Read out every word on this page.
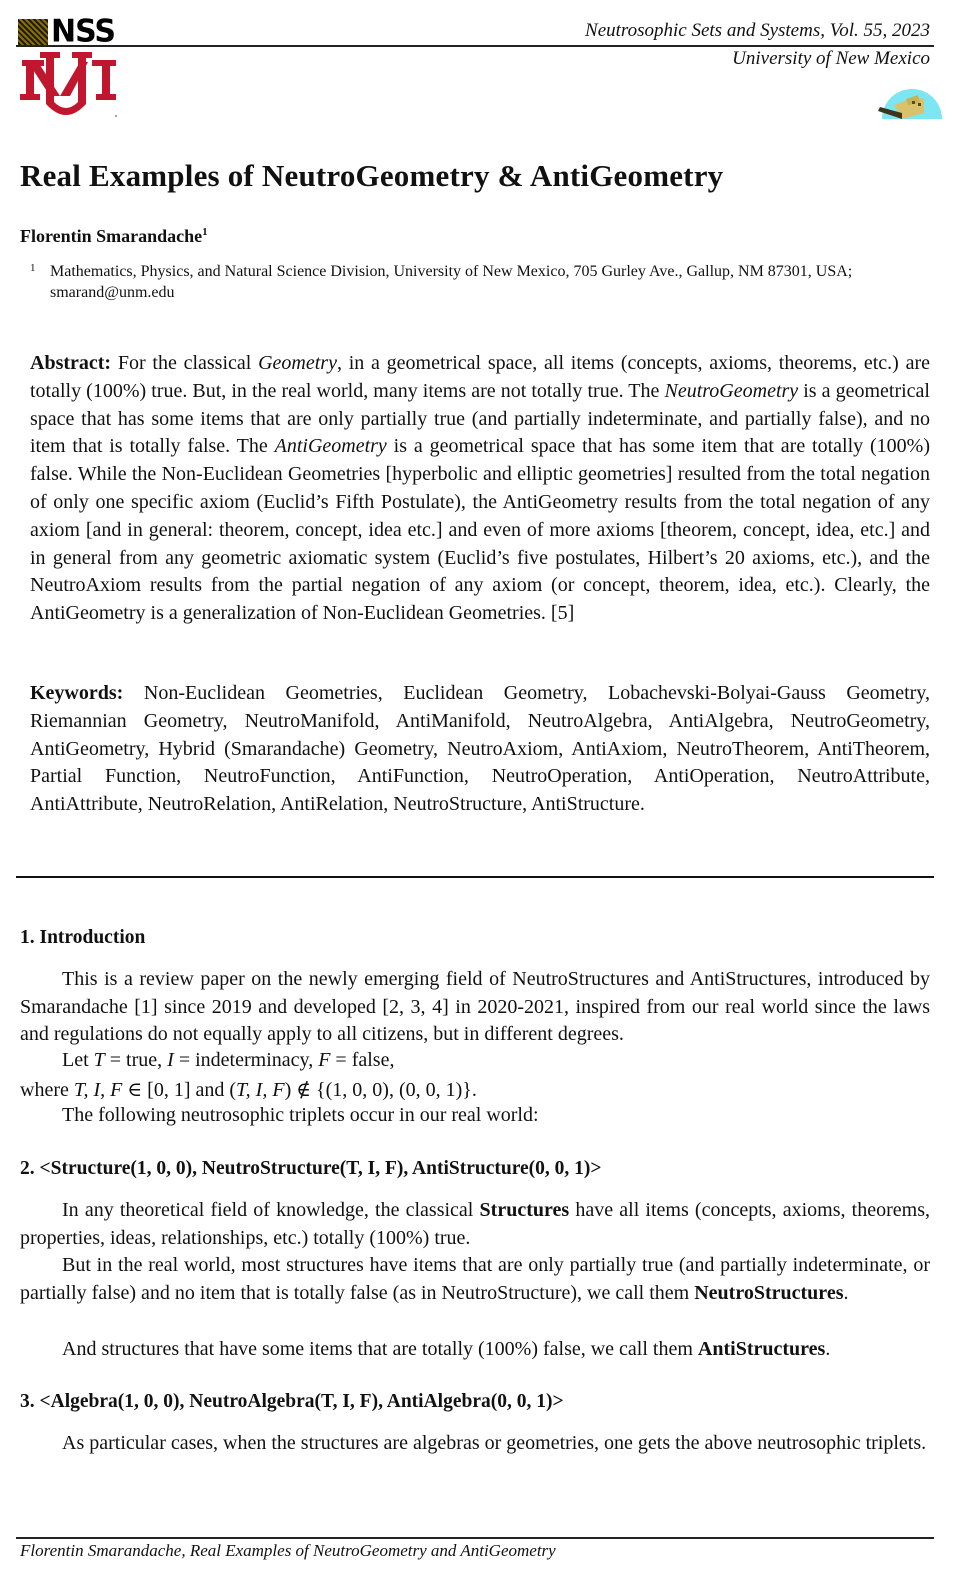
NSS	Neutrosophic Sets and Systems, Vol. 55, 2023
University of New Mexico
Real Examples of NeutroGeometry & AntiGeometry
Florentin Smarandache$^1$
1 Mathematics, Physics, and Natural Science Division, University of New Mexico, 705 Gurley Ave., Gallup, NM 87301, USA; smarand@unm.edu
Abstract: For the classical Geometry, in a geometrical space, all items (concepts, axioms, theorems, etc.) are totally (100%) true. But, in the real world, many items are not totally true. The NeutroGeometry is a geometrical space that has some items that are only partially true (and partially indeterminate, and partially false), and no item that is totally false. The AntiGeometry is a geometrical space that has some item that are totally (100%) false. While the Non-Euclidean Geometries [hyperbolic and elliptic geometries] resulted from the total negation of only one specific axiom (Euclid’s Fifth Postulate), the AntiGeometry results from the total negation of any axiom [and in general: theorem, concept, idea etc.] and even of more axioms [theorem, concept, idea, etc.] and in general from any geometric axiomatic system (Euclid’s five postulates, Hilbert’s 20 axioms, etc.), and the NeutroAxiom results from the partial negation of any axiom (or concept, theorem, idea, etc.). Clearly, the AntiGeometry is a generalization of Non-Euclidean Geometries. [5]
Keywords: Non-Euclidean Geometries, Euclidean Geometry, Lobachevski-Bolyai-Gauss Geometry, Riemannian Geometry, NeutroManifold, AntiManifold, NeutroAlgebra, AntiAlgebra, NeutroGeometry, AntiGeometry, Hybrid (Smarandache) Geometry, NeutroAxiom, AntiAxiom, NeutroTheorem, AntiTheorem, Partial Function, NeutroFunction, AntiFunction, NeutroOperation, AntiOperation, NeutroAttribute, AntiAttribute, NeutroRelation, AntiRelation, NeutroStructure, AntiStructure.
1. Introduction
This is a review paper on the newly emerging field of NeutroStructures and AntiStructures, introduced by Smarandache [1] since 2019 and developed [2, 3, 4] in 2020-2021, inspired from our real world since the laws and regulations do not equally apply to all citizens, but in different degrees.
Let T = true, I = indeterminacy, F = false,
where T, I, F ∈ [0, 1] and (T, I, F) ∉ {(1, 0, 0), (0, 0, 1)}.
The following neutrosophic triplets occur in our real world:
2. <Structure(1, 0, 0), NeutroStructure(T, I, F), AntiStructure(0, 0, 1)>
In any theoretical field of knowledge, the classical Structures have all items (concepts, axioms, theorems, properties, ideas, relationships, etc.) totally (100%) true.
But in the real world, most structures have items that are only partially true (and partially indeterminate, or partially false) and no item that is totally false (as in NeutroStructure), we call them NeutroStructures.
And structures that have some items that are totally (100%) false, we call them AntiStructures.
3. <Algebra(1, 0, 0), NeutroAlgebra(T, I, F), AntiAlgebra(0, 0, 1)>
As particular cases, when the structures are algebras or geometries, one gets the above neutrosophic triplets.
Florentin Smarandache, Real Examples of NeutroGeometry and AntiGeometry
